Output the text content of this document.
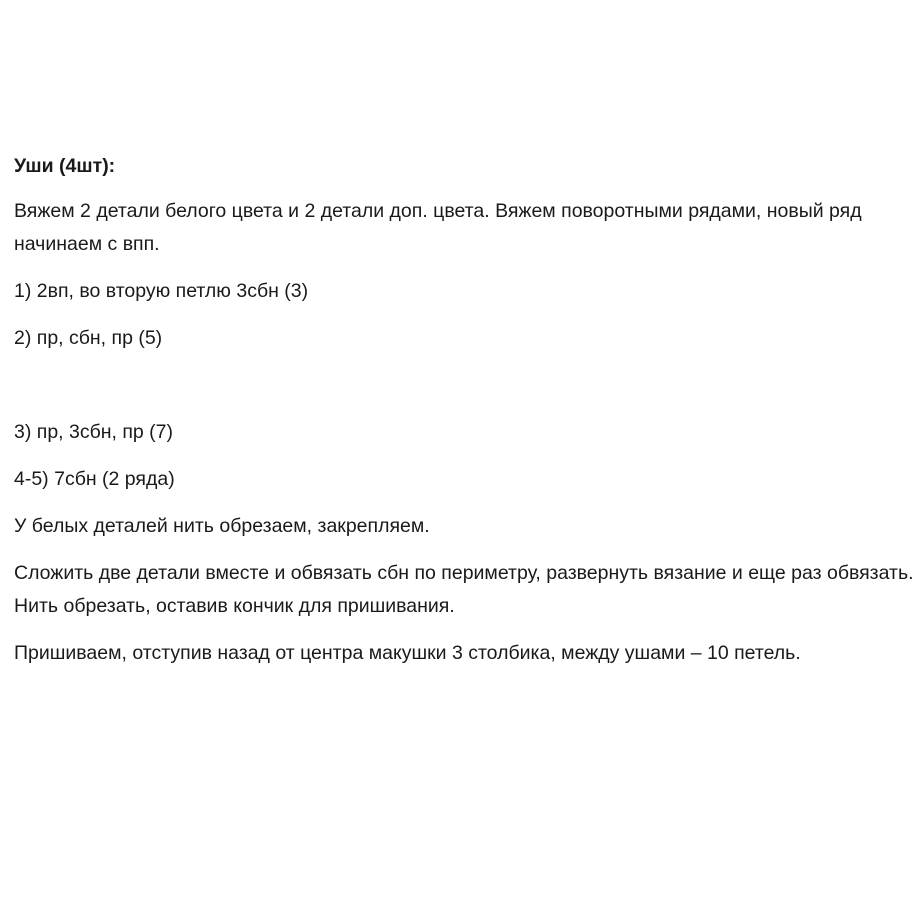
Уши (4шт):

Вяжем 2 детали белого цвета и 2 детали доп. цвета. Вяжем поворотными рядами, новый ряд начинаем с впп.

1) 2вп, во вторую петлю 3сбн (3)

2) пр, сбн, пр (5)

3) пр, 3сбн, пр (7)

4-5) 7сбн (2 ряда)

У белых деталей нить обрезаем, закрепляем.

Сложить две детали вместе и обвязать сбн по периметру, развернуть вязание и еще раз обвязать. Нить обрезать, оставив кончик для пришивания.

Пришиваем, отступив назад от центра макушки 3 столбика, между ушами – 10 петель.
